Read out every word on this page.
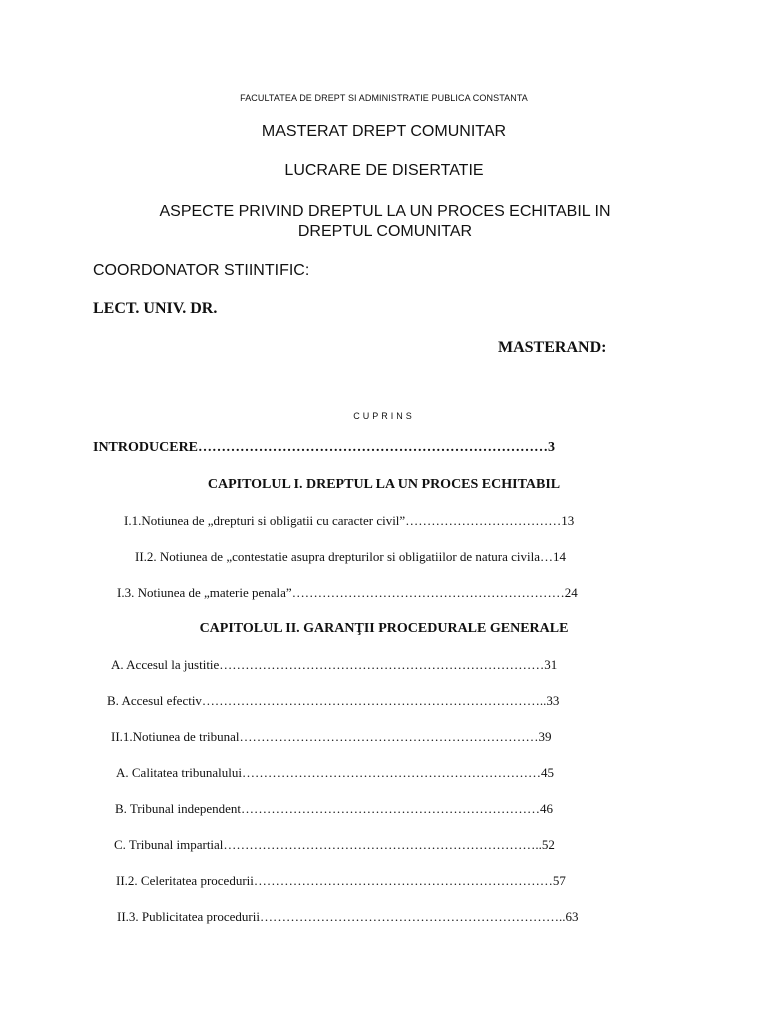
FACULTATEA DE DREPT SI ADMINISTRATIE PUBLICA CONSTANTA
MASTERAT DREPT COMUNITAR
LUCRARE DE DISERTATIE
ASPECTE PRIVIND DREPTUL LA UN PROCES ECHITABIL IN DREPTUL COMUNITAR
COORDONATOR STIINTIFIC:
LECT. UNIV. DR.
MASTERAND:
CUPRINS
INTRODUCERE…………………………………………………………………3
CAPITOLUL I. DREPTUL LA UN PROCES ECHITABIL
I.1.Notiunea de „drepturi si obligatii cu caracter civil”………………………………13
II.2. Notiunea de „contestatie asupra drepturilor si obligatiilor de natura civila…14
I.3. Notiunea de „materie penala”………………………………………………………24
CAPITOLUL II. GARANŢII PROCEDURALE GENERALE
A. Accesul la justitie…………………………………………………………………31
B. Accesul efectiv……………………………………………………………………..33
II.1.Notiunea de tribunal……………………………………………………………39
A. Calitatea tribunalului……………………………………………………………45
B. Tribunal independent……………………………………………………………46
C. Tribunal impartial………………………………………………………………..52
II.2. Celeritatea procedurii……………………………………………………………57
II.3. Publicitatea procedurii……………………………………………………………..63
